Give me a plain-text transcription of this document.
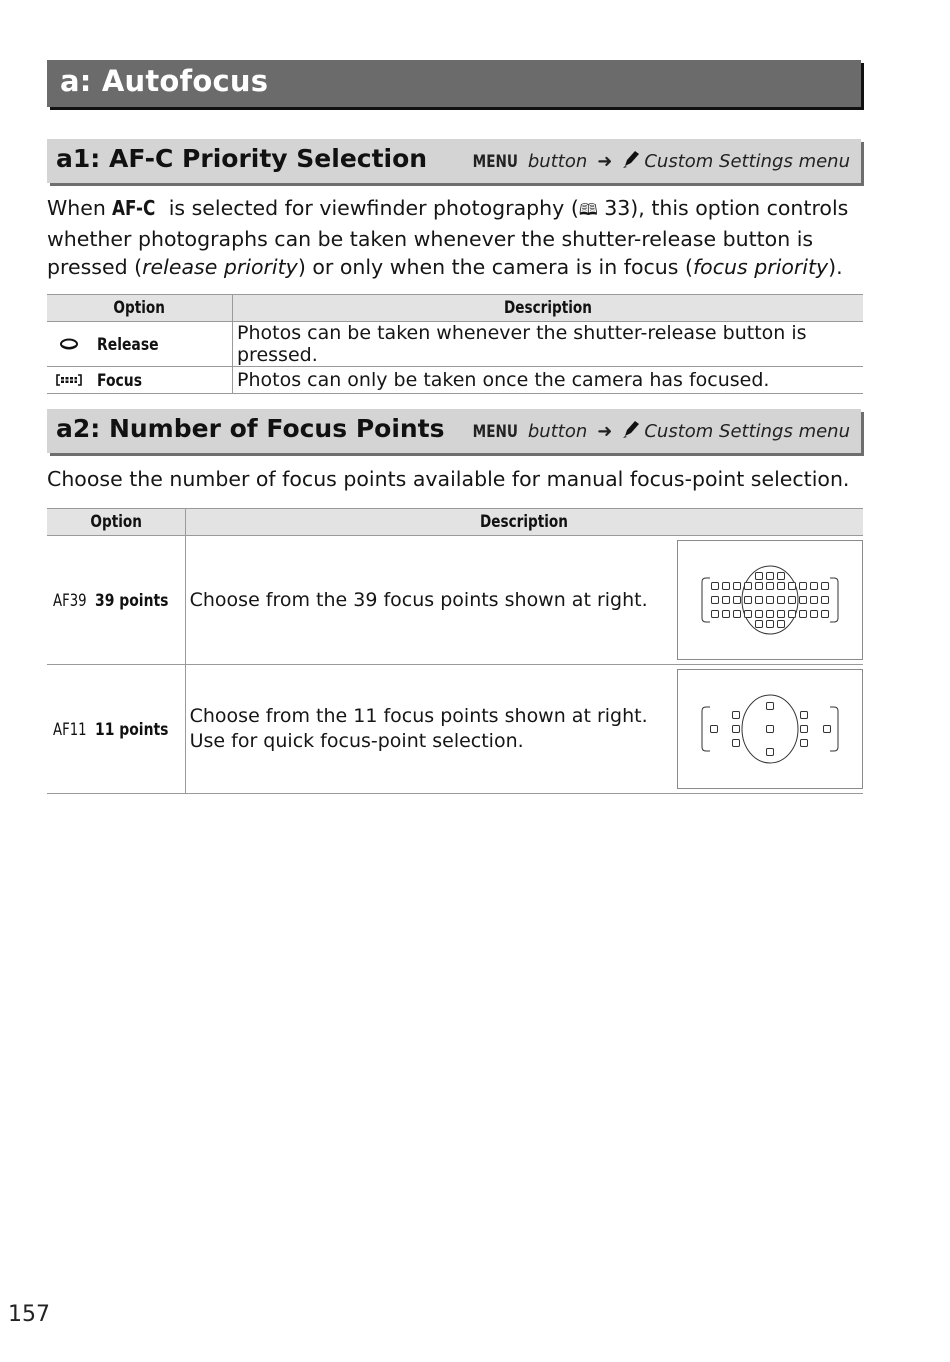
a: Autofocus
a1: AF-C Priority Selection	MENU button ➜ Custom Settings menu
When AF-C is selected for viewfinder photography (🕮 33), this option controls whether photographs can be taken whenever the shutter-release button is pressed (release priority) or only when the camera is in focus (focus priority).
Option	Description
Release	Photos can be taken whenever the shutter-release button is pressed.
Focus	Photos can only be taken once the camera has focused.
a2: Number of Focus Points MENU button ➜ Custom Settings menu
Choose the number of focus points available for manual focus-point selection.
Option	Description	
AF39 39 points	Choose from the 39 focus points shown at right.	

AF11 11 points	Choose from the 11 focus points shown at right. Use for quick focus-point selection.	
157
